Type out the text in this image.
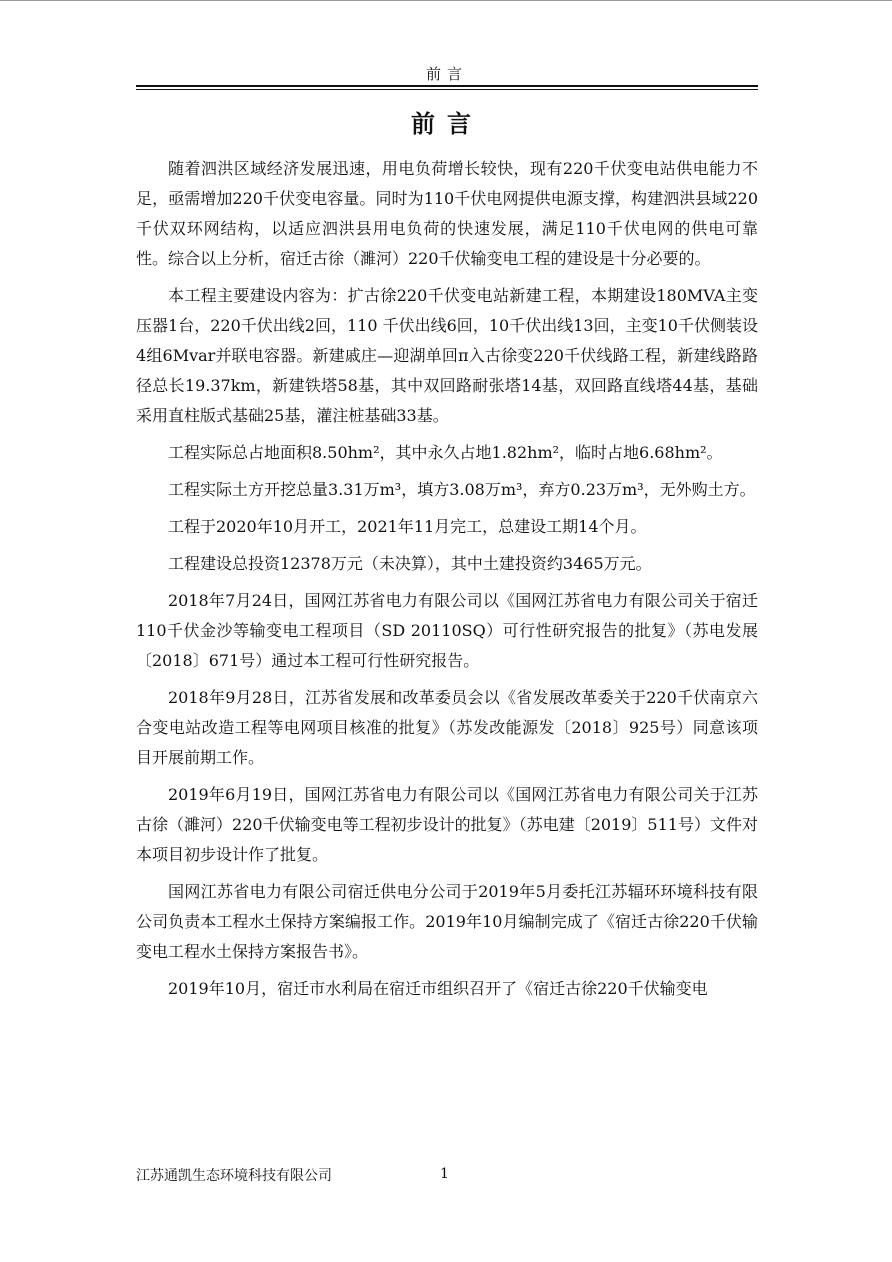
前言
前言

随着泗洪区域经济发展迅速，用电负荷增长较快，现有220千伏变电站供电能力不足，亟需增加220千伏变电容量。同时为110千伏电网提供电源支撑，构建泗洪县域220千伏双环网结构，以适应泗洪县用电负荷的快速发展，满足110千伏电网的供电可靠性。综合以上分析，宿迁古徐（濉河）220千伏输变电工程的建设是十分必要的。

本工程主要建设内容为：扩古徐220千伏变电站新建工程，本期建设180MVA主变压器1台，220千伏出线2回，110 千伏出线6回，10千伏出线13回，主变10千伏侧装设4组6Mvar并联电容器。新建戚庄—迎湖单回π入古徐变220千伏线路工程，新建线路路径总长19.37km，新建铁塔58基，其中双回路耐张塔14基，双回路直线塔44基，基础采用直柱版式基础25基，灌注桩基础33基。

工程实际总占地面积8.50hm²，其中永久占地1.82hm²，临时占地6.68hm²。

工程实际土方开挖总量3.31万m³，填方3.08万m³，弃方0.23万m³，无外购土方。

工程于2020年10月开工，2021年11月完工，总建设工期14个月。

工程建设总投资12378万元（未决算），其中土建投资约3465万元。

2018年7月24日，国网江苏省电力有限公司以《国网江苏省电力有限公司关于宿迁110千伏金沙等输变电工程项目（SD 20110SQ）可行性研究报告的批复》（苏电发展〔2018〕671号）通过本工程可行性研究报告。

2018年9月28日，江苏省发展和改革委员会以《省发展改革委关于220千伏南京六合变电站改造工程等电网项目核准的批复》（苏发改能源发〔2018〕925号）同意该项目开展前期工作。

2019年6月19日，国网江苏省电力有限公司以《国网江苏省电力有限公司关于江苏古徐（濉河）220千伏输变电等工程初步设计的批复》（苏电建〔2019〕511号）文件对本项目初步设计作了批复。

国网江苏省电力有限公司宿迁供电分公司于2019年5月委托江苏辐环环境科技有限公司负责本工程水土保持方案编报工作。2019年10月编制完成了《宿迁古徐220千伏输变电工程水土保持方案报告书》。

2019年10月，宿迁市水利局在宿迁市组织召开了《宿迁古徐220千伏输变电

江苏通凯生态环境科技有限公司	1
